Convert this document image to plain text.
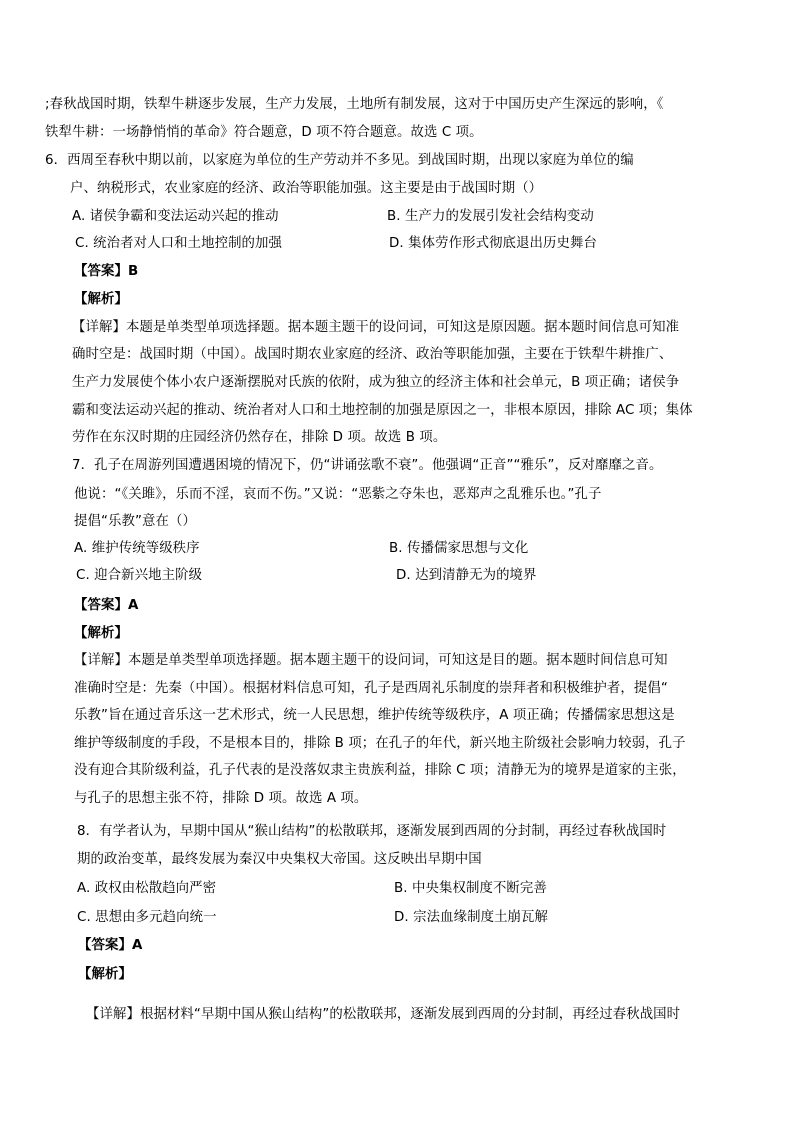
;春秋战国时期，铁犁牛耕逐步发展，生产力发展，土地所有制发展，这对于中国历史产生深远的影响，《
铁犁牛耕：一场静悄悄的革命》符合题意，D 项不符合题意。故选 C 项。
6．西周至春秋中期以前，以家庭为单位的生产劳动并不多见。到战国时期，出现以家庭为单位的编
户、纳税形式，农业家庭的经济、政治等职能加强。这主要是由于战国时期（）
A. 诸侯争霸和变法运动兴起的推动	B. 生产力的发展引发社会结构变动
C. 统治者对人口和土地控制的加强	D. 集体劳作形式彻底退出历史舞台
【答案】B
【解析】
【详解】本题是单类型单项选择题。据本题主题干的设问词，可知这是原因题。据本题时间信息可知准
确时空是：战国时期（中国）。战国时期农业家庭的经济、政治等职能加强，主要在于铁犁牛耕推广、
生产力发展使个体小农户逐渐摆脱对氏族的依附，成为独立的经济主体和社会单元，B 项正确；诸侯争
霸和变法运动兴起的推动、统治者对人口和土地控制的加强是原因之一，非根本原因，排除 AC 项；集体
劳作在东汉时期的庄园经济仍然存在，排除 D 项。故选 B 项。
7．孔子在周游列国遭遇困境的情况下，仍“讲诵弦歌不衰”。他强调“正音”“雅乐”，反对靡靡之音。
他说：“《关雎》，乐而不淫，哀而不伤。”又说：“恶紫之夺朱也，恶郑声之乱雅乐也。”孔子
提倡“乐教”意在（）
A. 维护传统等级秩序	B. 传播儒家思想与文化
C. 迎合新兴地主阶级	D. 达到清静无为的境界
【答案】A
【解析】
【详解】本题是单类型单项选择题。据本题主题干的设问词，可知这是目的题。据本题时间信息可知
准确时空是：先秦（中国）。根据材料信息可知，孔子是西周礼乐制度的崇拜者和积极维护者，提倡“
乐教”旨在通过音乐这一艺术形式，统一人民思想，维护传统等级秩序，A 项正确；传播儒家思想这是
维护等级制度的手段，不是根本目的，排除 B 项；在孔子的年代，新兴地主阶级社会影响力较弱，孔子
没有迎合其阶级利益，孔子代表的是没落奴隶主贵族利益，排除 C 项；清静无为的境界是道家的主张，
与孔子的思想主张不符，排除 D 项。故选 A 项。
8．有学者认为，早期中国从“猴山结构”的松散联邦，逐渐发展到西周的分封制，再经过春秋战国时
期的政治变革，最终发展为秦汉中央集权大帝国。这反映出早期中国
A. 政权由松散趋向严密	B. 中央集权制度不断完善
C. 思想由多元趋向统一	D. 宗法血缘制度土崩瓦解
【答案】A
【解析】
【详解】根据材料“早期中国从猴山结构”的松散联邦，逐渐发展到西周的分封制，再经过春秋战国时
